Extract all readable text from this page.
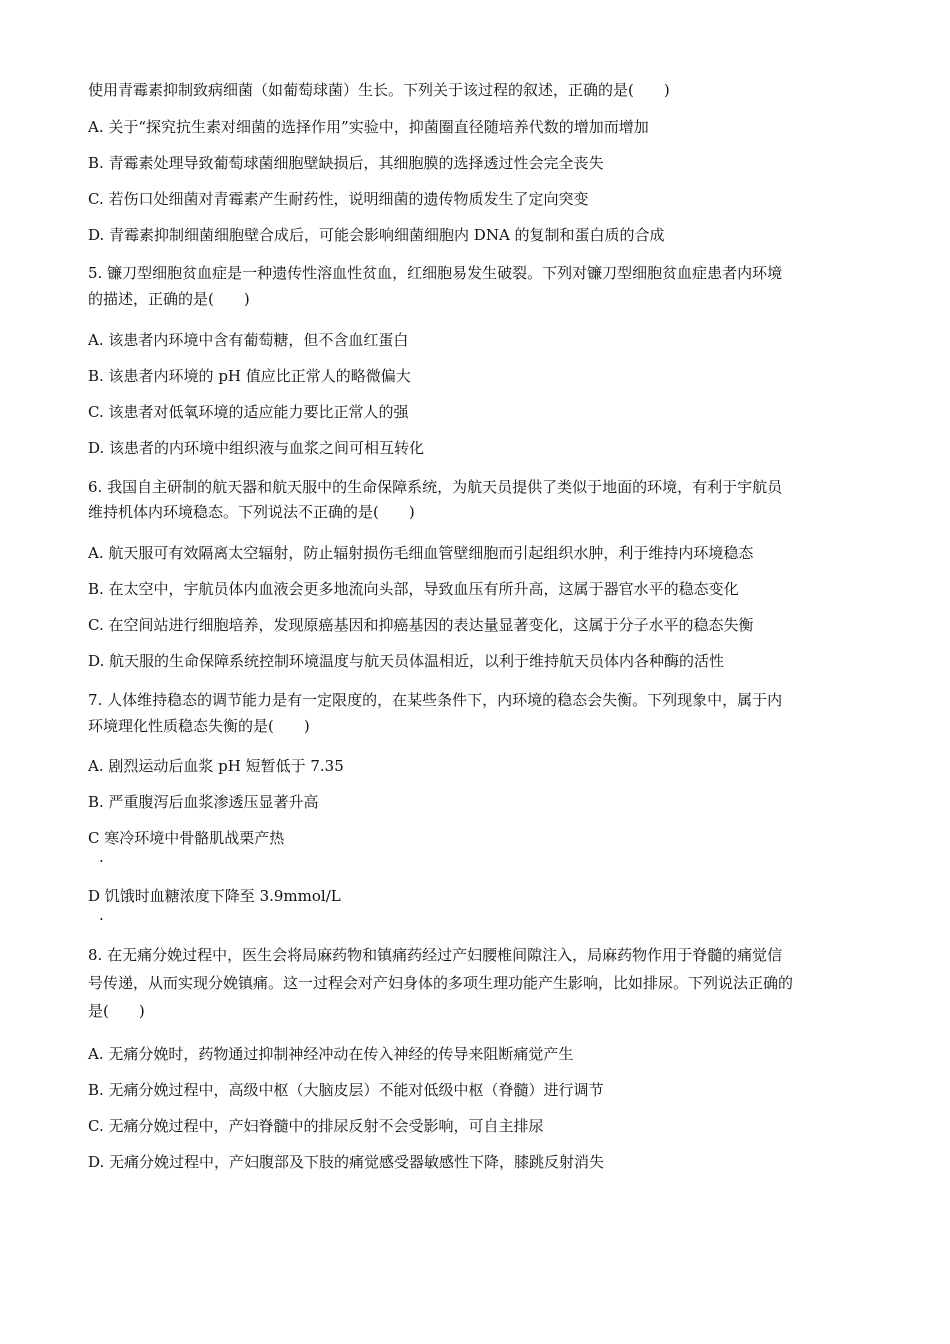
使用青霉素抑制致病细菌（如葡萄球菌）生长。下列关于该过程的叙述，正确的是(　　)
A. 关于“探究抗生素对细菌的选择作用”实验中，抑菌圈直径随培养代数的增加而增加
B. 青霉素处理导致葡萄球菌细胞壁缺损后，其细胞膜的选择透过性会完全丧失
C. 若伤口处细菌对青霉素产生耐药性，说明细菌的遗传物质发生了定向突变
D. 青霉素抑制细菌细胞壁合成后，可能会影响细菌细胞内 DNA 的复制和蛋白质的合成
5. 镰刀型细胞贫血症是一种遗传性溶血性贫血，红细胞易发生破裂。下列对镰刀型细胞贫血症患者内环境
的描述，正确的是(　　)
A. 该患者内环境中含有葡萄糖，但不含血红蛋白
B. 该患者内环境的 pH 值应比正常人的略微偏大
C. 该患者对低氧环境的适应能力要比正常人的强
D. 该患者的内环境中组织液与血浆之间可相互转化
6. 我国自主研制的航天器和航天服中的生命保障系统，为航天员提供了类似于地面的环境，有利于宇航员
维持机体内环境稳态。下列说法不正确的是(　　)
A. 航天服可有效隔离太空辐射，防止辐射损伤毛细血管壁细胞而引起组织水肿，利于维持内环境稳态
B. 在太空中，宇航员体内血液会更多地流向头部，导致血压有所升高，这属于器官水平的稳态变化
C. 在空间站进行细胞培养，发现原癌基因和抑癌基因的表达量显著变化，这属于分子水平的稳态失衡
D. 航天服的生命保障系统控制环境温度与航天员体温相近，以利于维持航天员体内各种酶的活性
7. 人体维持稳态的调节能力是有一定限度的，在某些条件下，内环境的稳态会失衡。下列现象中，属于内
环境理化性质稳态失衡的是(　　)
A. 剧烈运动后血浆 pH 短暂低于 7.35
B. 严重腹泻后血浆渗透压显著升高
C 寒冷环境中骨骼肌战栗产热
.
D 饥饿时血糖浓度下降至 3.9mmol/L
.
8. 在无痛分娩过程中，医生会将局麻药物和镇痛药经过产妇腰椎间隙注入，局麻药物作用于脊髓的痛觉信
号传递，从而实现分娩镇痛。这一过程会对产妇身体的多项生理功能产生影响，比如排尿。下列说法正确的
是(　　)
A. 无痛分娩时，药物通过抑制神经冲动在传入神经的传导来阻断痛觉产生
B. 无痛分娩过程中，高级中枢（大脑皮层）不能对低级中枢（脊髓）进行调节
C. 无痛分娩过程中，产妇脊髓中的排尿反射不会受影响，可自主排尿
D. 无痛分娩过程中，产妇腹部及下肢的痛觉感受器敏感性下降，膝跳反射消失
